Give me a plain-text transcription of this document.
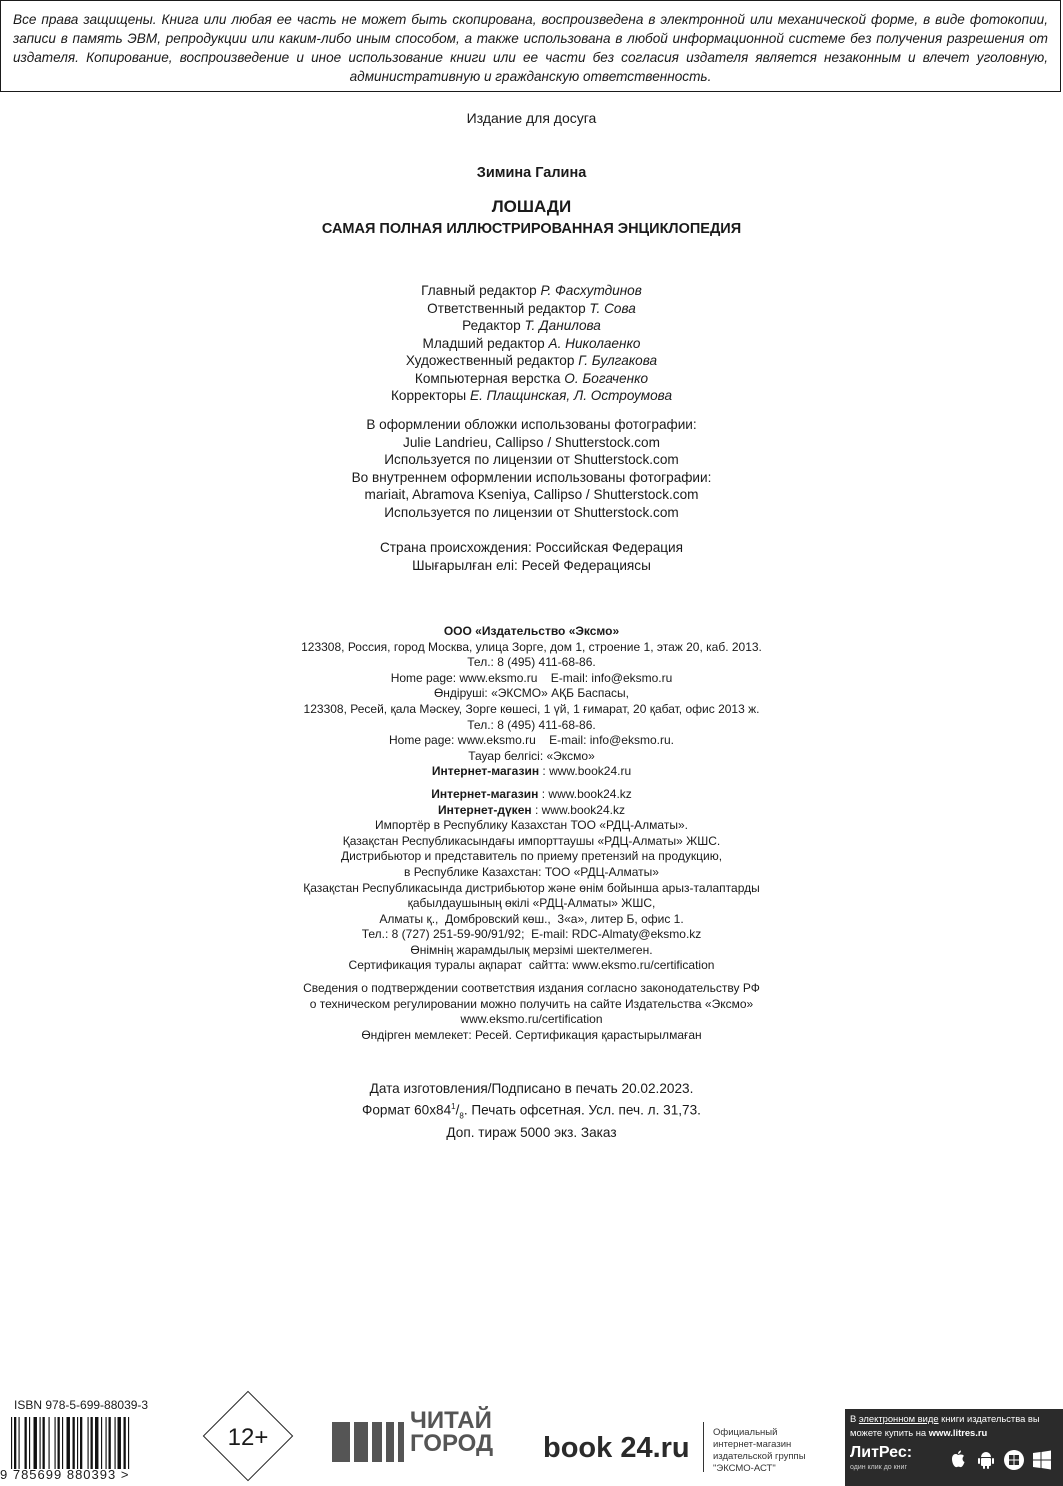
Все права защищены. Книга или любая ее часть не может быть скопирована, воспроизведена в электронной или механической форме, в виде фотокопии, записи в память ЭВМ, репродукции или каким-либо иным способом, а также использована в любой информационной системе без получения разрешения от издателя. Копирование, воспроизведение и иное использование книги или ее части без согласия издателя является незаконным и влечет уголовную, административную и гражданскую ответственность.
Издание для досуга
Зимина Галина
ЛОШАДИ
САМАЯ ПОЛНАЯ ИЛЛЮСТРИРОВАННАЯ ЭНЦИКЛОПЕДИЯ
Главный редактор Р. Фасхутдинов
Ответственный редактор Т. Сова
Редактор Т. Данилова
Младший редактор А. Николаенко
Художественный редактор Г. Булгакова
Компьютерная верстка О. Богаченко
Корректоры Е. Плащинская, Л. Остроумова
В оформлении обложки использованы фотографии:
Julie Landrieu, Callipso / Shutterstock.com
Используется по лицензии от Shutterstock.com
Во внутреннем оформлении использованы фотографии:
mariait, Abramova Kseniya, Callipso / Shutterstock.com
Используется по лицензии от Shutterstock.com
Страна происхождения: Российская Федерация
Шығарылған елі: Ресей Федерациясы
ООО «Издательство «Эксмо»
123308, Россия, город Москва, улица Зорге, дом 1, строение 1, этаж 20, каб. 2013.
Тел.: 8 (495) 411-68-86.
Home page: www.eksmo.ru    E-mail: info@eksmo.ru
Өндіруші: «ЭКСМО» АҚБ Баспасы,
123308, Ресей, қала Мәскеу, Зорге көшесі, 1 үй, 1 ғимарат, 20 қабат, офис 2013 ж.
Тел.: 8 (495) 411-68-86.
Home page: www.eksmo.ru    E-mail: info@eksmo.ru.
Тауар белгісі: «Эксмо»
Интернет-магазин : www.book24.ru
Интернет-магазин : www.book24.kz
Интернет-дүкен : www.book24.kz
Импортёр в Республику Казахстан ТОО «РДЦ-Алматы».
Қазақстан Республикасындағы импорттаушы «РДЦ-Алматы» ЖШС.
Дистрибьютор и представитель по приему претензий на продукцию,
в Республике Казахстан: ТОО «РДЦ-Алматы»
Қазақстан Республикасында дистрибьютор және өнім бойынша арыз-талаптарды
қабылдаушының өкілі «РДЦ-Алматы» ЖШС,
Алматы қ.,  Домбровский көш.,  3«а», литер Б, офис 1.
Тел.: 8 (727) 251-59-90/91/92;  E-mail: RDC-Almaty@eksmo.kz
Өнімнің жарамдылық мерзімі шектелмеген.
Сертификация туралы ақпарат  сайтта: www.eksmo.ru/certification
Сведения о подтверждении соответствия издания согласно законодательству РФ
о техническом регулировании можно получить на сайте Издательства «Эксмо»
www.eksmo.ru/certification
Өндірген мемлекет: Ресей. Сертификация қарастырылмаған
Дата изготовления/Подписано в печать 20.02.2023.
Формат $60x84^1/_8$. Печать офсетная. Усл. печ. л. 31,73.
Доп. тираж 5000 экз. Заказ
ISBN 978-5-699-88039-3
9 785699 880393 >
12+
ЧИТАЙ
ГОРОД book 24.ru Официальный
интернет-магазин
издательской группы
"ЭКСМО-АСТ"
В электронном виде книги издательства вы можете купить на www.litres.ru
ЛитРес:
один клик до книг
